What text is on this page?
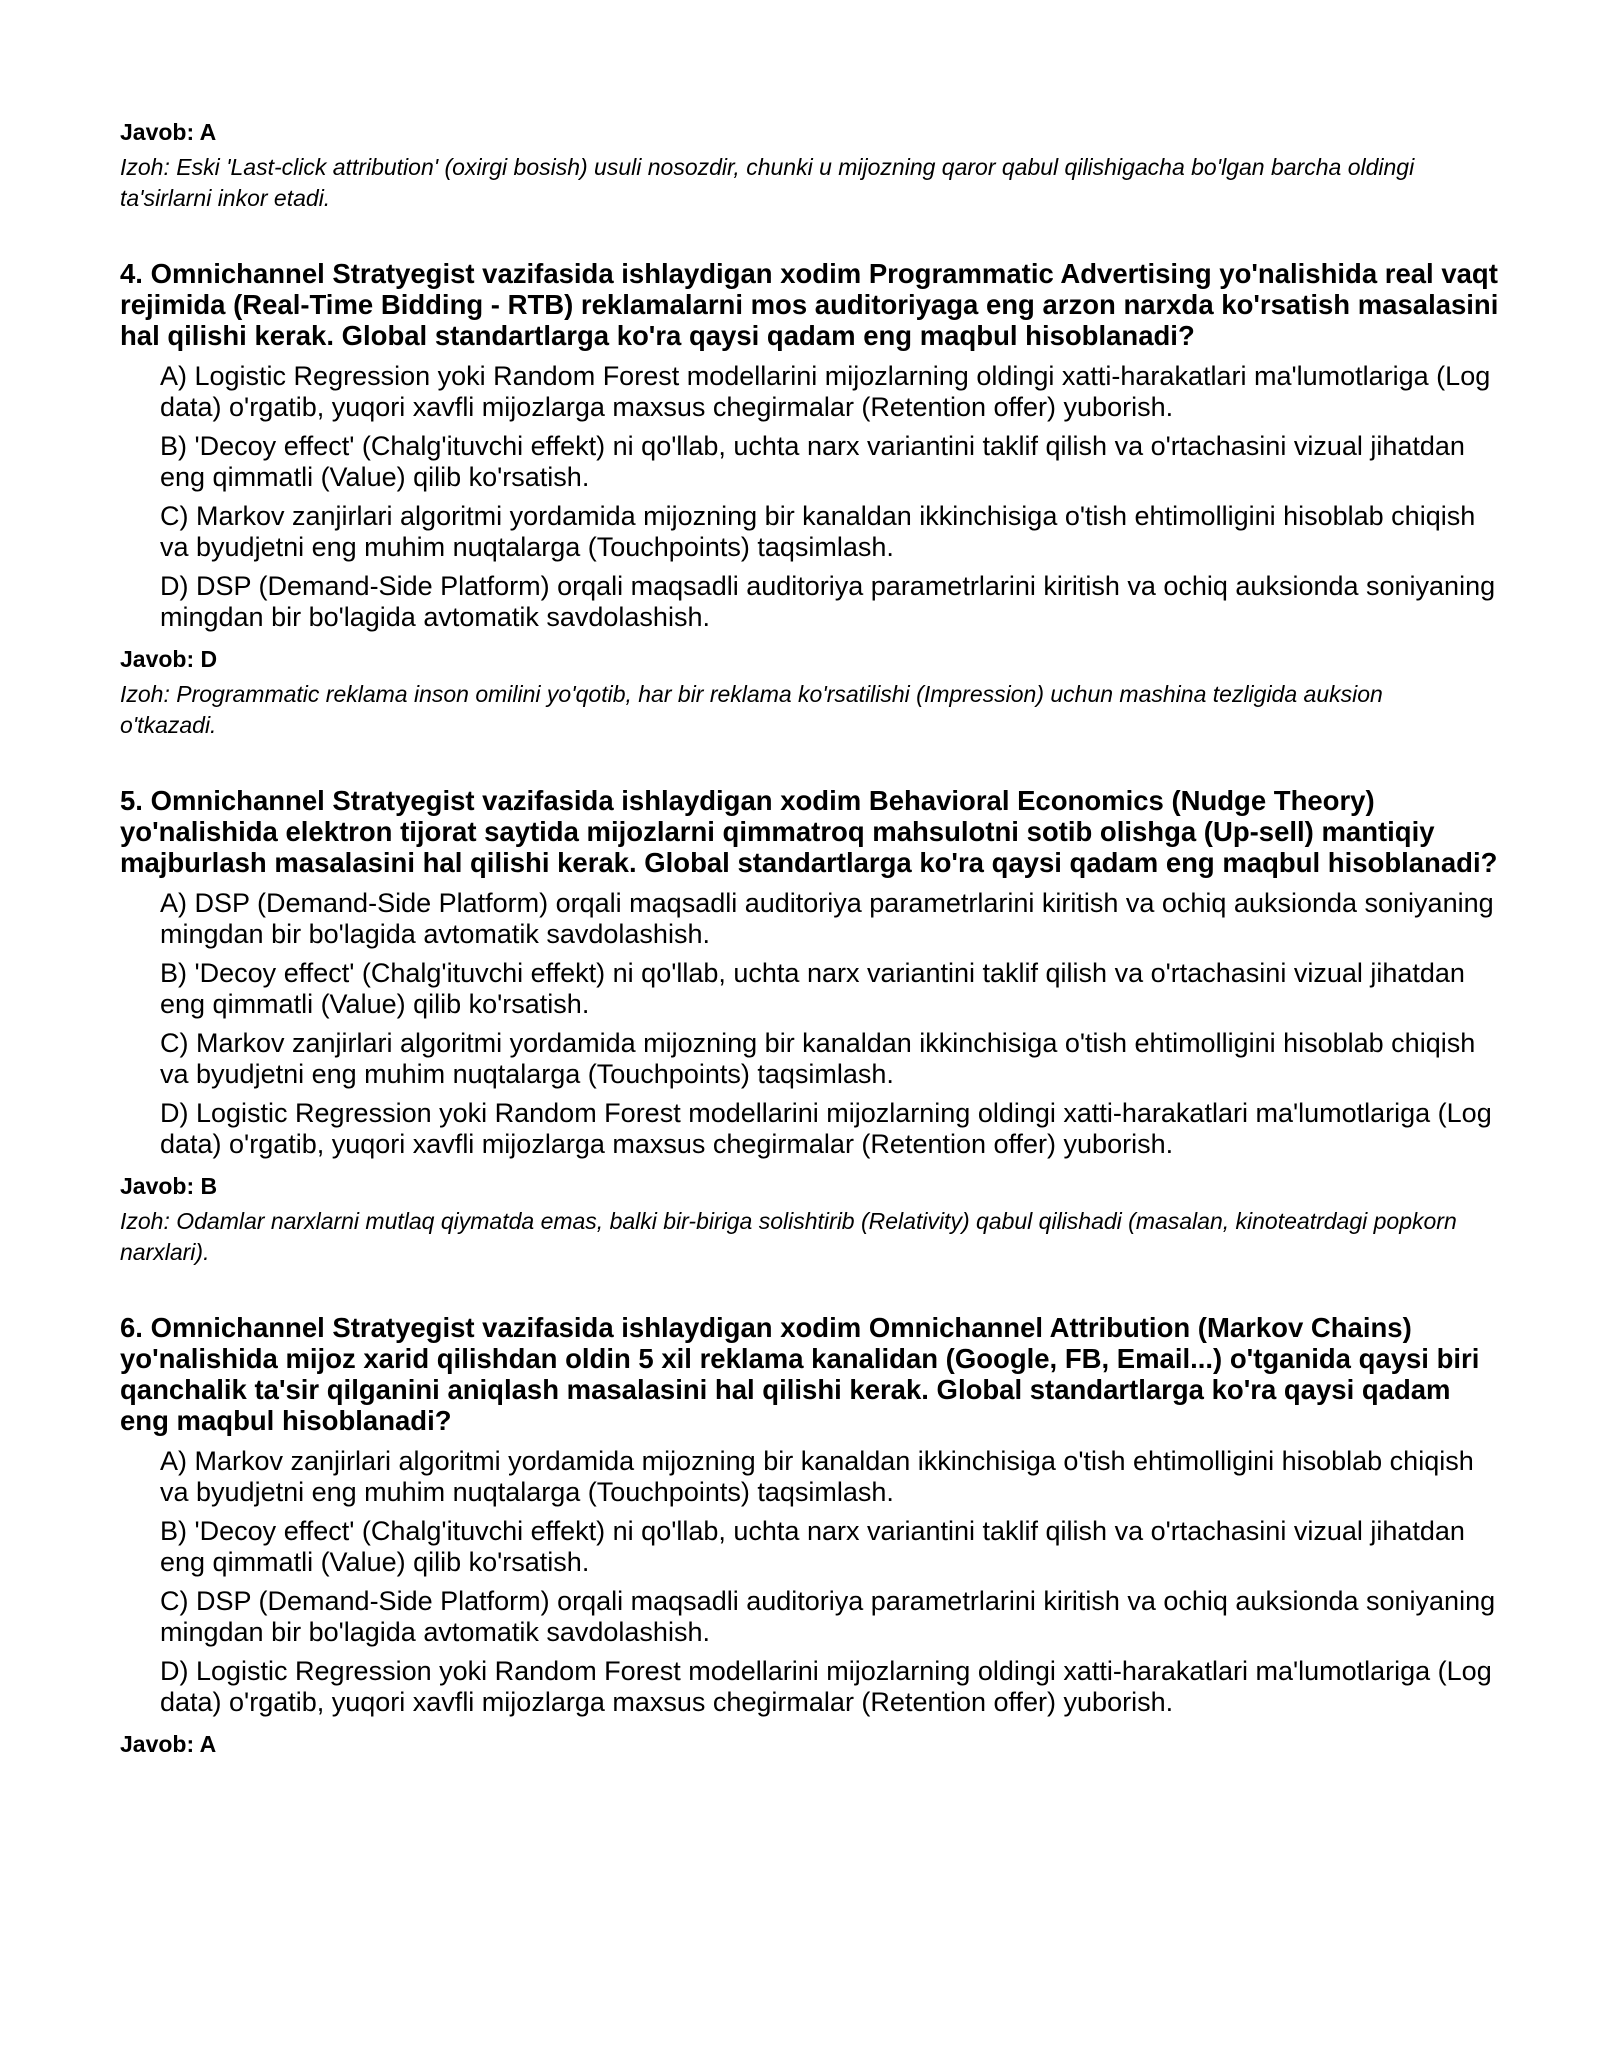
Javob: A

Izoh: Eski 'Last-click attribution' (oxirgi bosish) usuli nosozdir, chunki u mijozning qaror qabul qilishigacha bo'lgan barcha oldingi ta'sirlarni inkor etadi.

4. Omnichannel Stratyegist vazifasida ishlaydigan xodim Programmatic Advertising yo'nalishida real vaqt rejimida (Real-Time Bidding - RTB) reklamalarni mos auditoriyaga eng arzon narxda ko'rsatish masalasini hal qilishi kerak. Global standartlarga ko'ra qaysi qadam eng maqbul hisoblanadi?

A) Logistic Regression yoki Random Forest modellarini mijozlarning oldingi xatti-harakatlari ma'lumotlariga (Log data) o'rgatib, yuqori xavfli mijozlarga maxsus chegirmalar (Retention offer) yuborish.
B) 'Decoy effect' (Chalg'ituvchi effekt) ni qo'llab, uchta narx variantini taklif qilish va o'rtachasini vizual jihatdan eng qimmatli (Value) qilib ko'rsatish.
C) Markov zanjirlari algoritmi yordamida mijozning bir kanaldan ikkinchisiga o'tish ehtimolligini hisoblab chiqish va byudjetni eng muhim nuqtalarga (Touchpoints) taqsimlash.
D) DSP (Demand-Side Platform) orqali maqsadli auditoriya parametrlarini kiritish va ochiq auksionda soniyaning mingdan bir bo'lagida avtomatik savdolashish.

Javob: D

Izoh: Programmatic reklama inson omilini yo'qotib, har bir reklama ko'rsatilishi (Impression) uchun mashina tezligida auksion o'tkazadi.

5. Omnichannel Stratyegist vazifasida ishlaydigan xodim Behavioral Economics (Nudge Theory) yo'nalishida elektron tijorat saytida mijozlarni qimmatroq mahsulotni sotib olishga (Up-sell) mantiqiy majburlash masalasini hal qilishi kerak. Global standartlarga ko'ra qaysi qadam eng maqbul hisoblanadi?

A) DSP (Demand-Side Platform) orqali maqsadli auditoriya parametrlarini kiritish va ochiq auksionda soniyaning mingdan bir bo'lagida avtomatik savdolashish.
B) 'Decoy effect' (Chalg'ituvchi effekt) ni qo'llab, uchta narx variantini taklif qilish va o'rtachasini vizual jihatdan eng qimmatli (Value) qilib ko'rsatish.
C) Markov zanjirlari algoritmi yordamida mijozning bir kanaldan ikkinchisiga o'tish ehtimolligini hisoblab chiqish va byudjetni eng muhim nuqtalarga (Touchpoints) taqsimlash.
D) Logistic Regression yoki Random Forest modellarini mijozlarning oldingi xatti-harakatlari ma'lumotlariga (Log data) o'rgatib, yuqori xavfli mijozlarga maxsus chegirmalar (Retention offer) yuborish.

Javob: B

Izoh: Odamlar narxlarni mutlaq qiymatda emas, balki bir-biriga solishtirib (Relativity) qabul qilishadi (masalan, kinoteatrdagi popkorn narxlari).

6. Omnichannel Stratyegist vazifasida ishlaydigan xodim Omnichannel Attribution (Markov Chains) yo'nalishida mijoz xarid qilishdan oldin 5 xil reklama kanalidan (Google, FB, Email...) o'tganida qaysi biri qanchalik ta'sir qilganini aniqlash masalasini hal qilishi kerak. Global standartlarga ko'ra qaysi qadam eng maqbul hisoblanadi?

A) Markov zanjirlari algoritmi yordamida mijozning bir kanaldan ikkinchisiga o'tish ehtimolligini hisoblab chiqish va byudjetni eng muhim nuqtalarga (Touchpoints) taqsimlash.
B) 'Decoy effect' (Chalg'ituvchi effekt) ni qo'llab, uchta narx variantini taklif qilish va o'rtachasini vizual jihatdan eng qimmatli (Value) qilib ko'rsatish.
C) DSP (Demand-Side Platform) orqali maqsadli auditoriya parametrlarini kiritish va ochiq auksionda soniyaning mingdan bir bo'lagida avtomatik savdolashish.
D) Logistic Regression yoki Random Forest modellarini mijozlarning oldingi xatti-harakatlari ma'lumotlariga (Log data) o'rgatib, yuqori xavfli mijozlarga maxsus chegirmalar (Retention offer) yuborish.

Javob: A
